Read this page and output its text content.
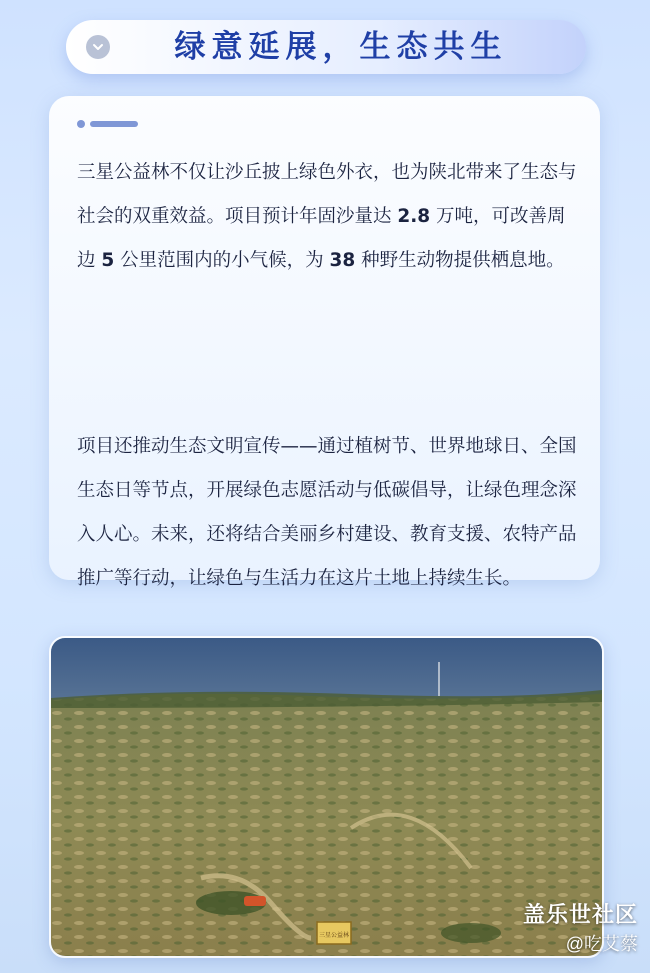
绿意延展，生态共生

三星公益林不仅让沙丘披上绿色外衣，也为陕北带来了生态与社会的双重效益。项目预计年固沙量达 2.8 万吨，可改善周边 5 公里范围内的小气候，为 38 种野生动物提供栖息地。

项目还推动生态文明宣传——通过植树节、世界地球日、全国生态日等节点，开展绿色志愿活动与低碳倡导，让绿色理念深入人心。未来，还将结合美丽乡村建设、教育支援、农特产品推广等行动，让绿色与生活力在这片土地上持续生长。

三星公益林
盖乐世社区
@吃艾蔡
